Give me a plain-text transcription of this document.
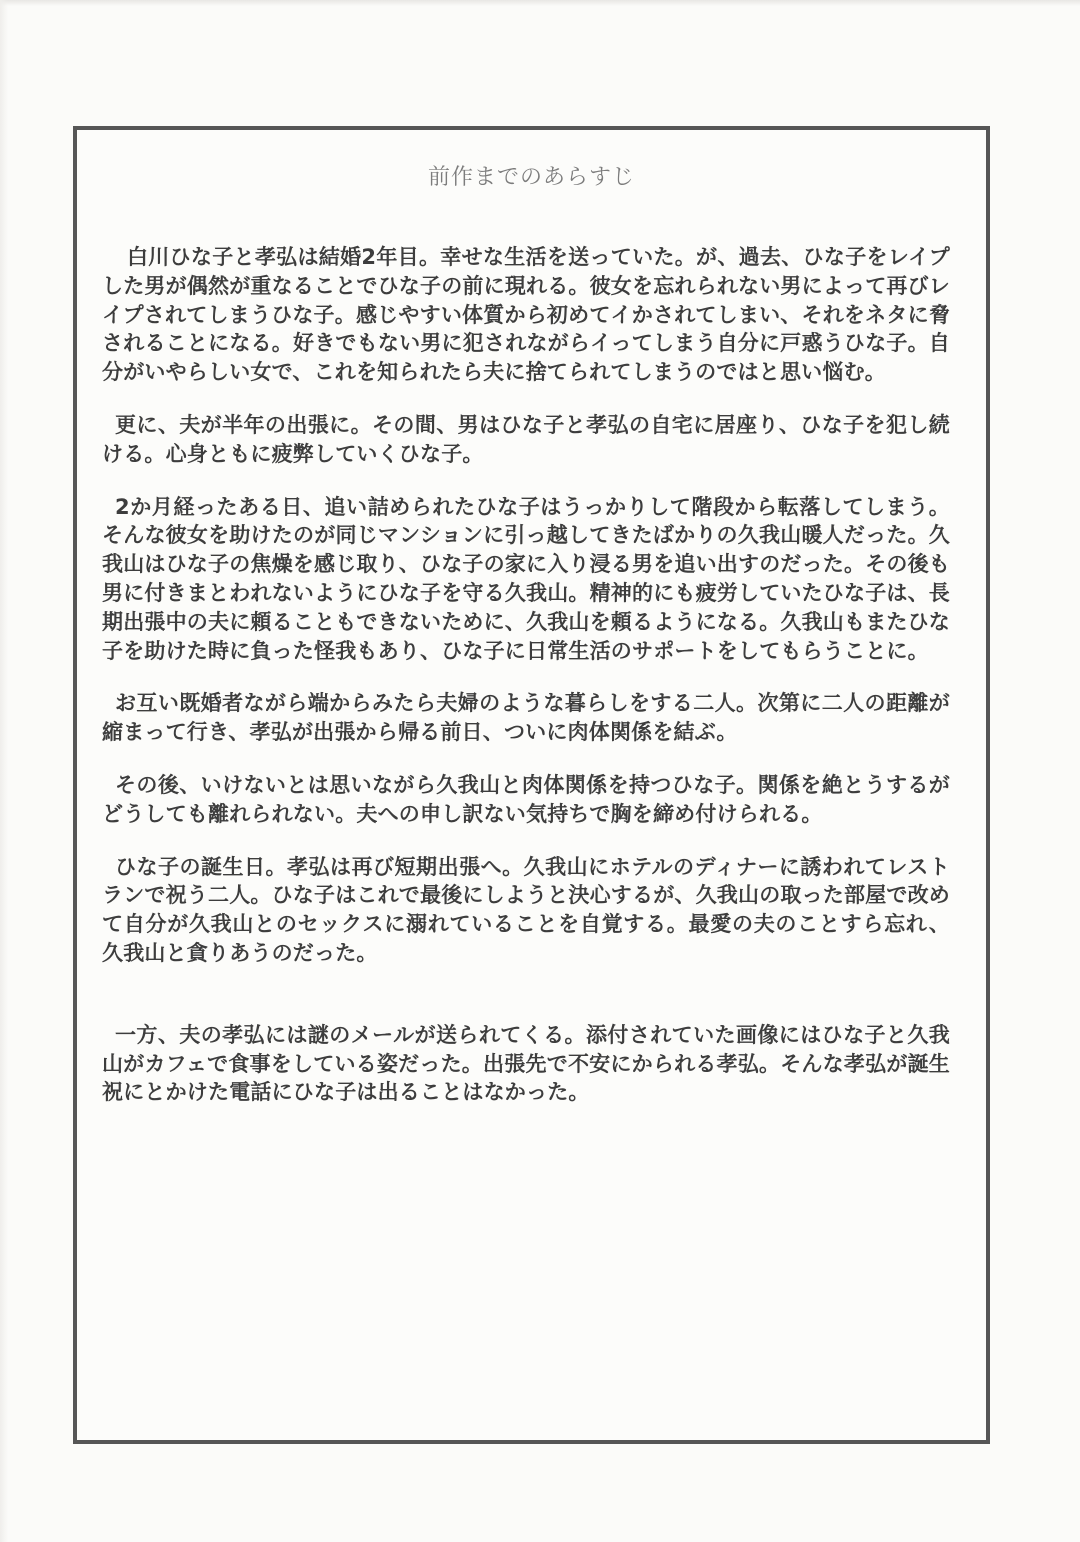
前作までのあらすじ

白川ひな子と孝弘は結婚2年目。幸せな生活を送っていた。が、過去、ひな子をレイプした男が偶然が重なることでひな子の前に現れる。彼女を忘れられない男によって再びレイプされてしまうひな子。感じやすい体質から初めてイかされてしまい、それをネタに脅されることになる。好きでもない男に犯されながらイってしまう自分に戸惑うひな子。自分がいやらしい女で、これを知られたら夫に捨てられてしまうのではと思い悩む。

更に、夫が半年の出張に。その間、男はひな子と孝弘の自宅に居座り、ひな子を犯し続ける。心身ともに疲弊していくひな子。

2か月経ったある日、追い詰められたひな子はうっかりして階段から転落してしまう。そんな彼女を助けたのが同じマンションに引っ越してきたばかりの久我山暖人だった。久我山はひな子の焦燥を感じ取り、ひな子の家に入り浸る男を追い出すのだった。その後も男に付きまとわれないようにひな子を守る久我山。精神的にも疲労していたひな子は、長期出張中の夫に頼ることもできないために、久我山を頼るようになる。久我山もまたひな子を助けた時に負った怪我もあり、ひな子に日常生活のサポートをしてもらうことに。

お互い既婚者ながら端からみたら夫婦のような暮らしをする二人。次第に二人の距離が縮まって行き、孝弘が出張から帰る前日、ついに肉体関係を結ぶ。

その後、いけないとは思いながら久我山と肉体関係を持つひな子。関係を絶とうするがどうしても離れられない。夫への申し訳ない気持ちで胸を締め付けられる。

ひな子の誕生日。孝弘は再び短期出張へ。久我山にホテルのディナーに誘われてレストランで祝う二人。ひな子はこれで最後にしようと決心するが、久我山の取った部屋で改めて自分が久我山とのセックスに溺れていることを自覚する。最愛の夫のことすら忘れ、久我山と貪りあうのだった。

一方、夫の孝弘には謎のメールが送られてくる。添付されていた画像にはひな子と久我山がカフェで食事をしている姿だった。出張先で不安にかられる孝弘。そんな孝弘が誕生祝にとかけた電話にひな子は出ることはなかった。
